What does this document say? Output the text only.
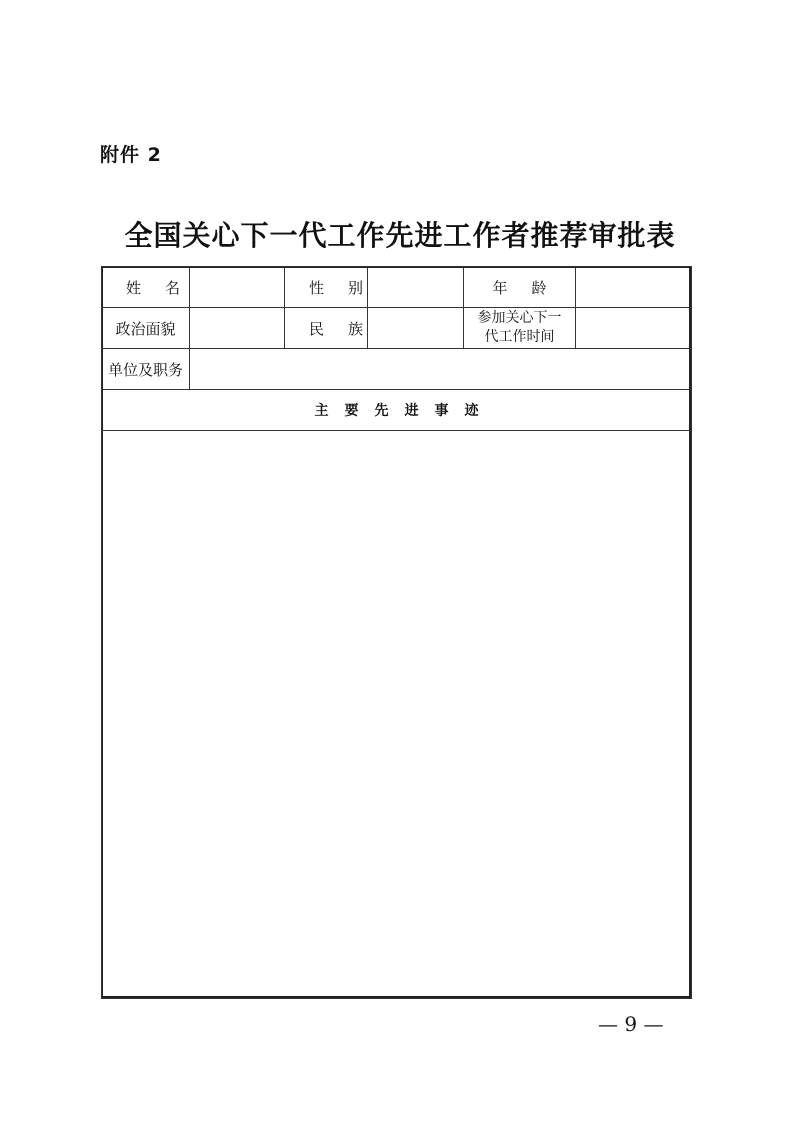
附件 2
全国关心下一代工作先进工作者推荐审批表
姓名		性别		年龄	
政治面貌		民族		参加关心下一
代工作时间	

单位及职务					
主要先进事迹					

— 9 —
